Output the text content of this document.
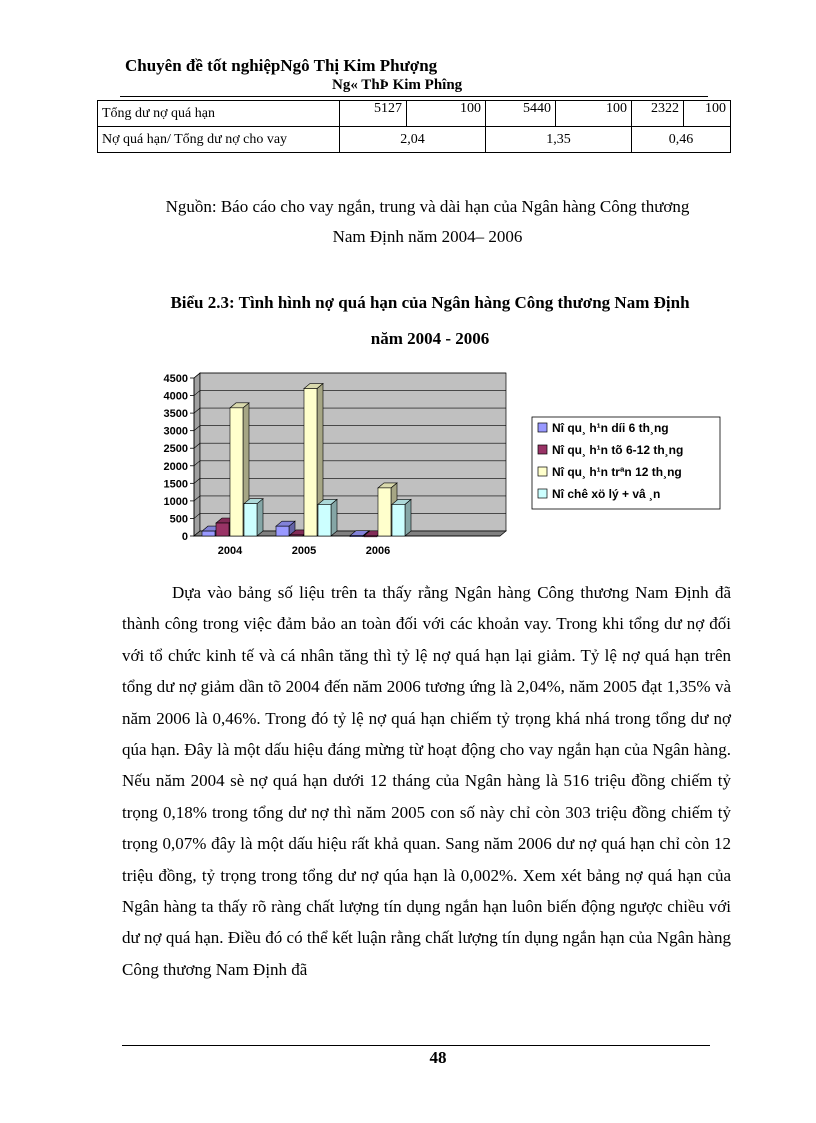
Chuyên đề tốt nghiệpNgô Thị Kim Phượng
Ng« ThÞ Kim Phîng
Tổng dư nợ quá hạn	5127	100	5440	100	2322	100
Nợ quá hạn/ Tổng dư nợ cho vay	2,04		1,35		0,46	
Nguồn: Báo cáo cho vay ngắn, trung và dài hạn của Ngân hàng Công thương
Nam Định năm 2004– 2006
Biểu 2.3: Tình hình nợ quá hạn của Ngân hàng Công thương Nam Định
năm 2004 - 2006
0
500
1000
1500
2000
2500
3000
3500
4000
4500
2004	2005	2006
Nî qu¸ h¹n díi 6 th¸ng
Nî qu¸ h¹n tõ 6-12 th¸ng
Nî qu¸ h¹n trªn 12 th¸ng
Nî chê xö lý + vâ ¸n

Dựa vào bảng số liệu trên ta thấy rằng Ngân hàng Công thương Nam Định đã thành công trong việc đảm bảo an toàn đối với các khoản vay. Trong khi tổng dư nợ đối với tổ chức kinh tế và cá nhân tăng thì tỷ lệ nợ quá hạn lại giảm. Tỷ lệ nợ quá hạn trên tổng dư nợ giảm dần tõ 2004 đến năm 2006 tương ứng là 2,04%, năm 2005 đạt 1,35% và năm 2006 là 0,46%. Trong đó tỷ lệ nợ quá hạn chiếm tỷ trọng khá nhá trong tổng dư nợ qúa hạn. Đây là một dấu hiệu đáng mừng từ hoạt động cho vay ngắn hạn của Ngân hàng. Nếu năm 2004 sè nợ quá hạn dưới 12 tháng của Ngân hàng là 516 triệu đồng chiếm tỷ trọng 0,18% trong tổng dư nợ thì năm 2005 con số này chỉ còn 303 triệu đồng chiếm tỷ trọng 0,07% đây là một dấu hiệu rất khả quan. Sang năm 2006 dư nợ quá hạn chỉ còn 12 triệu đồng, tỷ trọng trong tổng dư nợ qúa hạn là 0,002%. Xem xét bảng nợ quá hạn của Ngân hàng ta thấy rõ ràng chất lượng tín dụng ngắn hạn luôn biến động ngược chiều với dư nợ quá hạn. Điều đó có thể kết luận rằng chất lượng tín dụng ngắn hạn của Ngân hàng Công thương Nam Định đã

48
